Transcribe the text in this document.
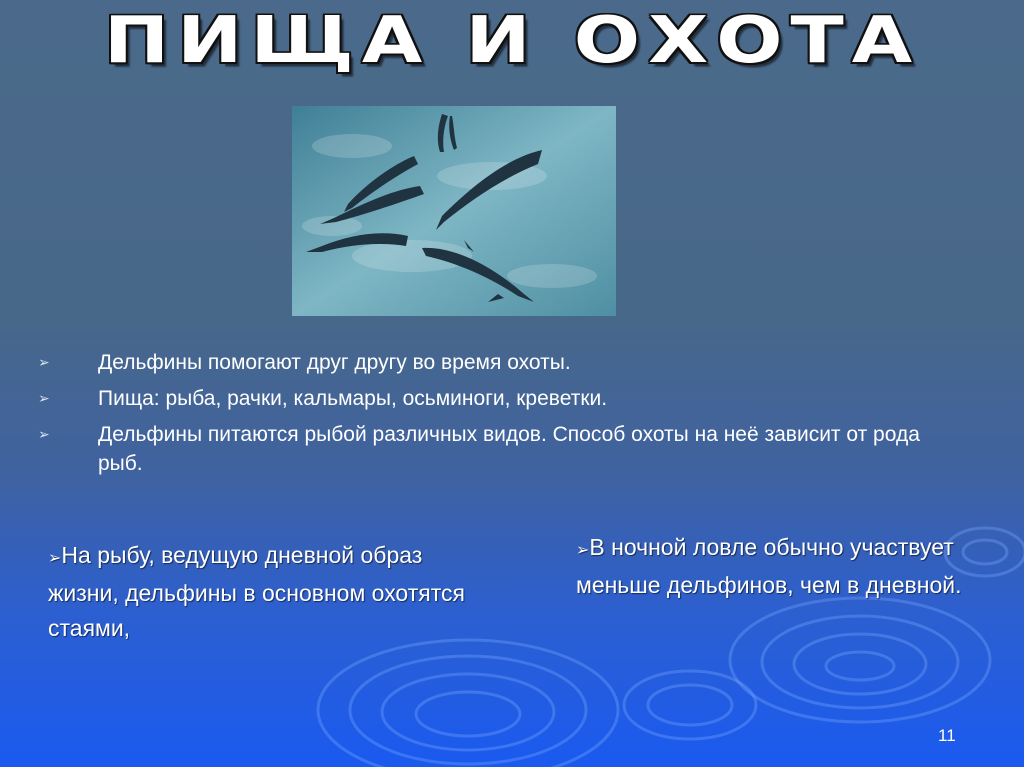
ПИЩА И ОХОТА
➢ Дельфины помогают друг другу во время охоты.
➢ Пища: рыба, рачки, кальмары, осьминоги, креветки.
➢ Дельфины питаются рыбой различных видов. Способ охоты на неё зависит от рода рыб.
➢На рыбу, ведущую дневной образ жизни, дельфины в основном охотятся стаями,
➢В ночной ловле обычно участвует меньше дельфинов, чем в дневной.
11
